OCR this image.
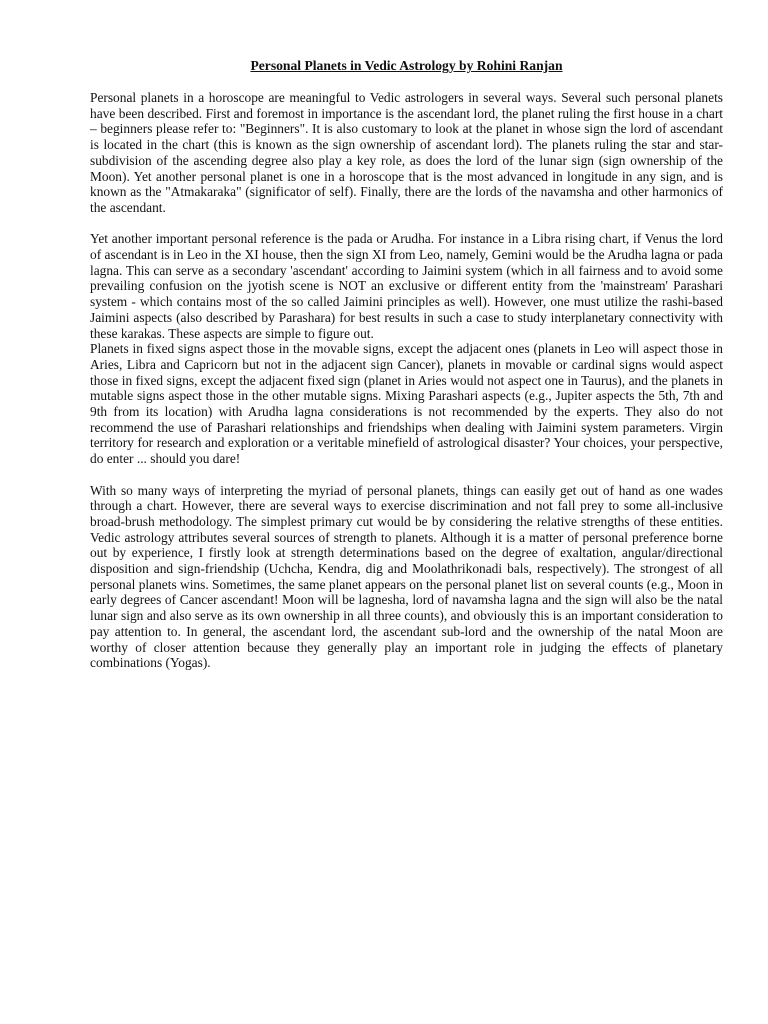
Personal Planets in Vedic Astrology by Rohini Ranjan

Personal planets in a horoscope are meaningful to Vedic astrologers in several ways. Several such personal planets have been described. First and foremost in importance is the ascendant lord, the planet ruling the first house in a chart – beginners please refer to: "Beginners". It is also customary to look at the planet in whose sign the lord of ascendant is located in the chart (this is known as the sign ownership of ascendant lord). The planets ruling the star and star-subdivision of the ascending degree also play a key role, as does the lord of the lunar sign (sign ownership of the Moon). Yet another personal planet is one in a horoscope that is the most advanced in longitude in any sign, and is known as the "Atmakaraka" (significator of self). Finally, there are the lords of the navamsha and other harmonics of the ascendant.

Yet another important personal reference is the pada or Arudha. For instance in a Libra rising chart, if Venus the lord of ascendant is in Leo in the XI house, then the sign XI from Leo, namely, Gemini would be the Arudha lagna or pada lagna. This can serve as a secondary 'ascendant' according to Jaimini system (which in all fairness and to avoid some prevailing confusion on the jyotish scene is NOT an exclusive or different entity from the 'mainstream' Parashari system - which contains most of the so called Jaimini principles as well). However, one must utilize the rashi-based Jaimini aspects (also described by Parashara) for best results in such a case to study interplanetary connectivity with these karakas. These aspects are simple to figure out.

Planets in fixed signs aspect those in the movable signs, except the adjacent ones (planets in Leo will aspect those in Aries, Libra and Capricorn but not in the adjacent sign Cancer), planets in movable or cardinal signs would aspect those in fixed signs, except the adjacent fixed sign (planet in Aries would not aspect one in Taurus), and the planets in mutable signs aspect those in the other mutable signs. Mixing Parashari aspects (e.g., Jupiter aspects the 5th, 7th and 9th from its location) with Arudha lagna considerations is not recommended by the experts. They also do not recommend the use of Parashari relationships and friendships when dealing with Jaimini system parameters. Virgin territory for research and exploration or a veritable minefield of astrological disaster? Your choices, your perspective, do enter ... should you dare!

With so many ways of interpreting the myriad of personal planets, things can easily get out of hand as one wades through a chart. However, there are several ways to exercise discrimination and not fall prey to some all-inclusive broad-brush methodology. The simplest primary cut would be by considering the relative strengths of these entities. Vedic astrology attributes several sources of strength to planets. Although it is a matter of personal preference borne out by experience, I firstly look at strength determinations based on the degree of exaltation, angular/directional disposition and sign-friendship (Uchcha, Kendra, dig and Moolathrikonadi bals, respectively). The strongest of all personal planets wins. Sometimes, the same planet appears on the personal planet list on several counts (e.g., Moon in early degrees of Cancer ascendant! Moon will be lagnesha, lord of navamsha lagna and the sign will also be the natal lunar sign and also serve as its own ownership in all three counts), and obviously this is an important consideration to pay attention to. In general, the ascendant lord, the ascendant sub-lord and the ownership of the natal Moon are worthy of closer attention because they generally play an important role in judging the effects of planetary combinations (Yogas).
